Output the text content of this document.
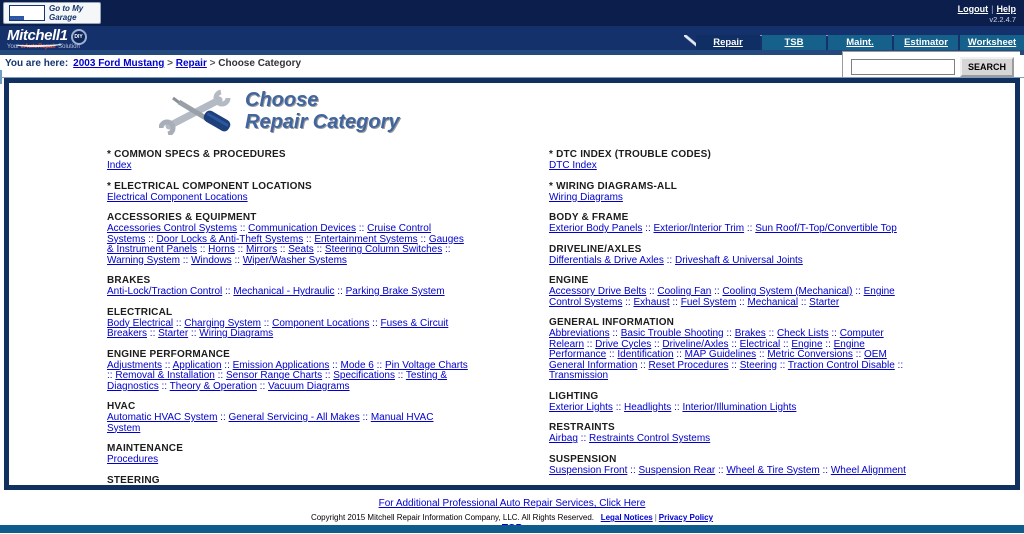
·······
Go to My Garage
Logout | Help
v2.2.4.7
Mitchell1 DIY
Your eAutoRepair Solution	Repair	TSB	Maint.	Estimator	Worksheet
You are here: 2003 Ford Mustang > Repair > Choose Category	SEARCH
Choose
Repair Category
* COMMON SPECS & PROCEDURES
Index
* ELECTRICAL COMPONENT LOCATIONS
Electrical Component Locations
ACCESSORIES & EQUIPMENT
Accessories Control Systems :: Communication Devices :: Cruise Control Systems :: Door Locks & Anti-Theft Systems :: Entertainment Systems :: Gauges & Instrument Panels :: Horns :: Mirrors :: Seats :: Steering Column Switches :: Warning System :: Windows :: Wiper/Washer Systems
BRAKES
Anti-Lock/Traction Control :: Mechanical - Hydraulic :: Parking Brake System
ELECTRICAL
Body Electrical :: Charging System :: Component Locations :: Fuses & Circuit Breakers :: Starter :: Wiring Diagrams
ENGINE PERFORMANCE
Adjustments :: Application :: Emission Applications :: Mode 6 :: Pin Voltage Charts :: Removal & Installation :: Sensor Range Charts :: Specifications :: Testing & Diagnostics :: Theory & Operation :: Vacuum Diagrams
HVAC
Automatic HVAC System :: General Servicing - All Makes :: Manual HVAC System
MAINTENANCE
Procedures
STEERING
* DTC INDEX (TROUBLE CODES)
DTC Index
* WIRING DIAGRAMS-ALL
Wiring Diagrams
BODY & FRAME
Exterior Body Panels :: Exterior/Interior Trim :: Sun Roof/T-Top/Convertible Top
DRIVELINE/AXLES
Differentials & Drive Axles :: Driveshaft & Universal Joints
ENGINE
Accessory Drive Belts :: Cooling Fan :: Cooling System (Mechanical) :: Engine Control Systems :: Exhaust :: Fuel System :: Mechanical :: Starter
GENERAL INFORMATION
Abbreviations :: Basic Trouble Shooting :: Brakes :: Check Lists :: Computer Relearn :: Drive Cycles :: Driveline/Axles :: Electrical :: Engine :: Engine Performance :: Identification :: MAP Guidelines :: Metric Conversions :: OEM General Information :: Reset Procedures :: Steering :: Traction Control Disable :: Transmission
LIGHTING
Exterior Lights :: Headlights :: Interior/Illumination Lights
RESTRAINTS
Airbag :: Restraints Control Systems
SUSPENSION
Suspension Front :: Suspension Rear :: Wheel & Tire System :: Wheel Alignment
For Additional Professional Auto Repair Services, Click Here
Copyright 2015 Mitchell Repair Information Company, LLC. All Rights Reserved. Legal Notices | Privacy Policy
